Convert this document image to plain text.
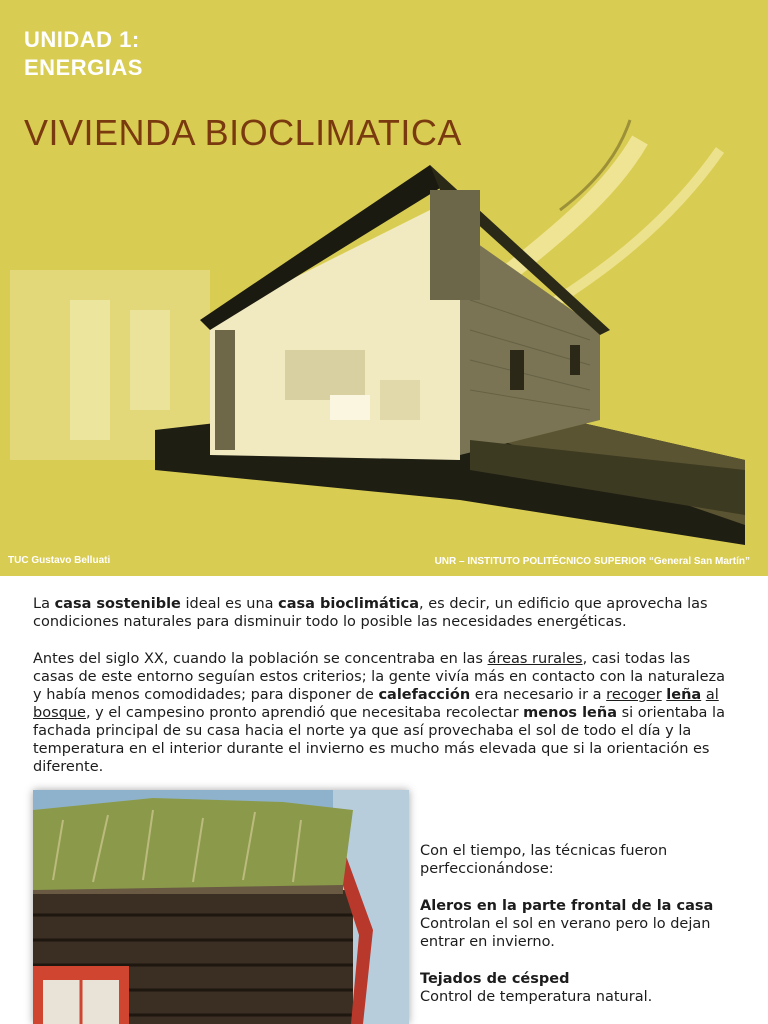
UNIDAD 1:
ENERGIAS
VIVIENDA BIOCLIMATICA
TUC Gustavo Belluati	UNR – INSTITUTO POLITÉCNICO SUPERIOR “General San Martín”
La casa sostenible ideal es una casa bioclimática, es decir, un edificio que aprovecha las condiciones naturales para disminuir todo lo posible las necesidades energéticas.
Antes del siglo XX, cuando la población se concentraba en las áreas rurales, casi todas las casas de este entorno seguían estos criterios; la gente vivía más en contacto con la naturaleza y había menos comodidades; para disponer de calefacción era necesario ir a recoger leña al bosque, y el campesino pronto aprendió que necesitaba recolectar menos leña si orientaba la fachada principal de su casa hacia el norte ya que así provechaba el sol de todo el día y la temperatura en el interior durante el invierno es mucho más elevada que si la orientación es diferente.
Con el tiempo, las técnicas fueron perfeccionándose:
Aleros en la parte frontal de la casa
Controlan el sol en verano pero lo dejan entrar en invierno.
Tejados de césped
Control de temperatura natural.
